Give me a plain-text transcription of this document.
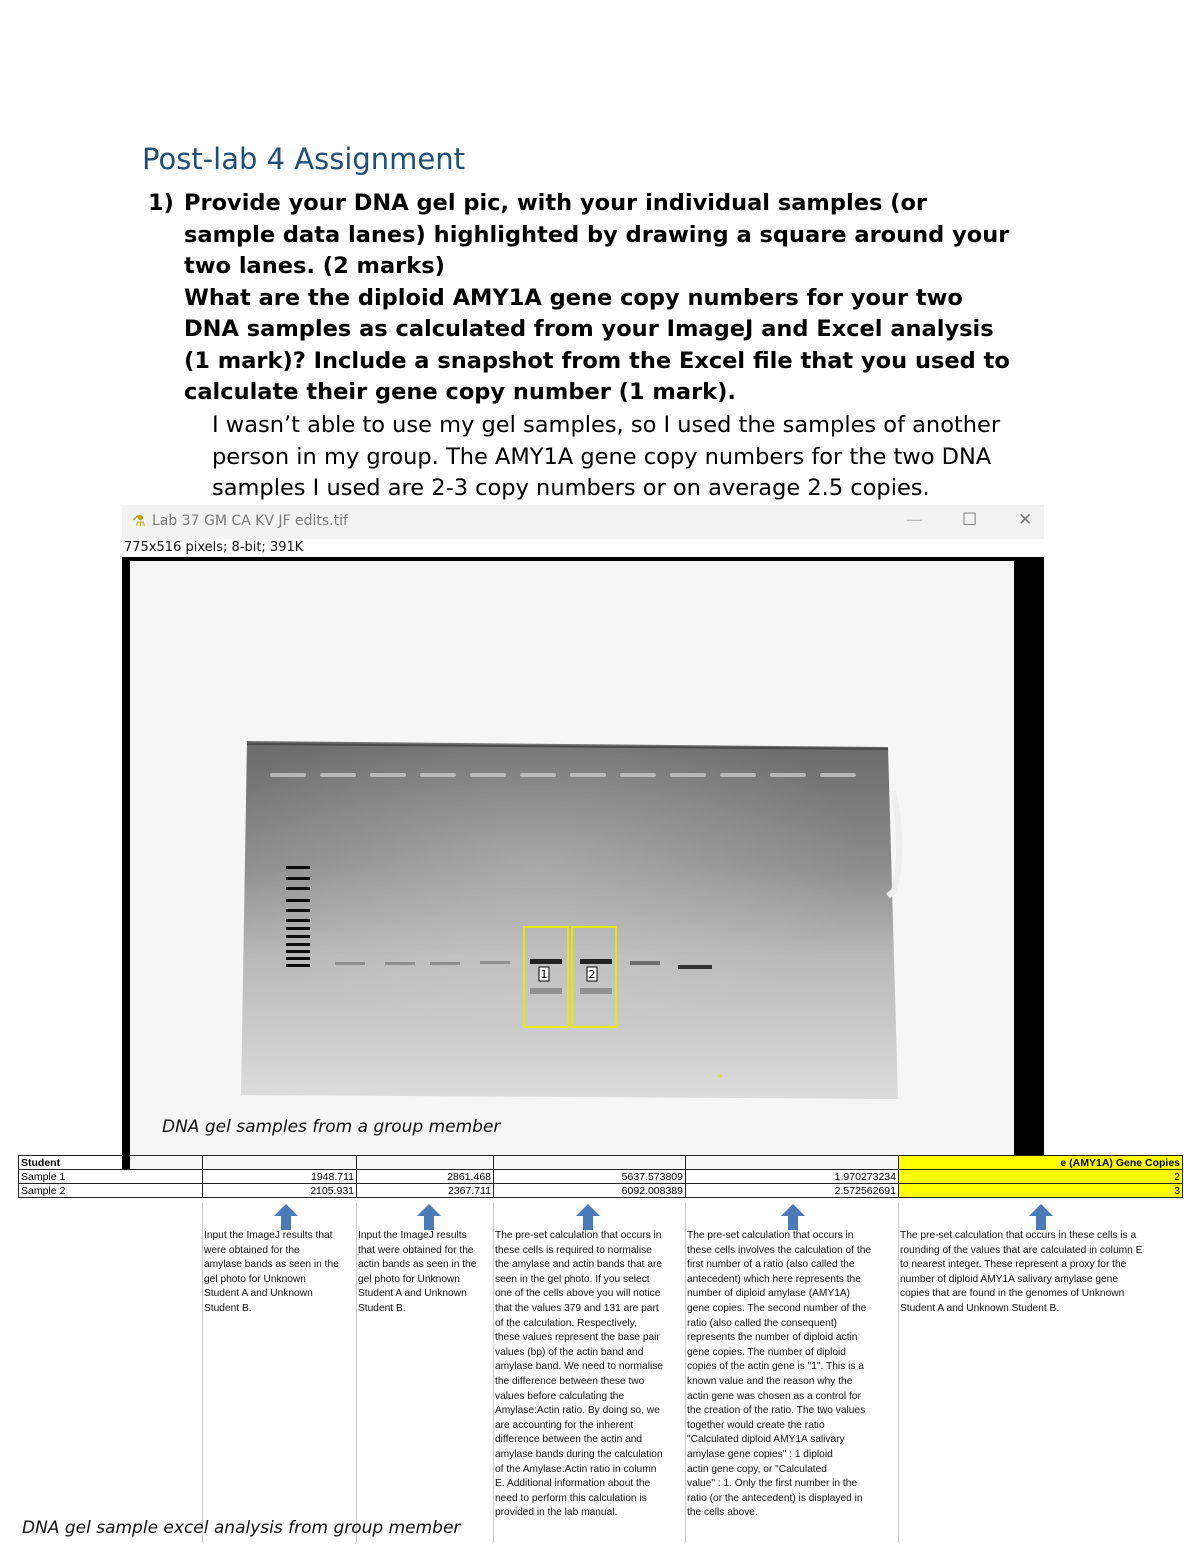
Post-lab 4 Assignment
1) Provide your DNA gel pic, with your individual samples (or
sample data lanes) highlighted by drawing a square around your
two lanes. (2 marks)
What are the diploid AMY1A gene copy numbers for your two
DNA samples as calculated from your ImageJ and Excel analysis
(1 mark)? Include a snapshot from the Excel file that you used to
calculate their gene copy number (1 mark).
I wasn’t able to use my gel samples, so I used the samples of another
person in my group. The AMY1A gene copy numbers for the two DNA
samples I used are 2-3 copy numbers or on average 2.5 copies.
⚗ Lab 37 GM CA KV JF edits.tif	— ☐ ✕
775x516 pixels; 8-bit; 391K
1	2
Student					e (AMY1A) Gene Copies
Sample 1	1948.711	2861.468	5637.573809	1.970273234	2
Sample 2	2105.931	2367.711	6092.008389	2.572562691	3
Input the ImageJ results that
were obtained for the
amylase bands as seen in the
gel photo for Unknown
Student A and Unknown
Student B.
Input the ImageJ results
that were obtained for the
actin bands as seen in the
gel photo for Unknown
Student A and Unknown
Student B.
The pre-set calculation that occurs in
these cells is required to normalise
the amylase and actin bands that are
seen in the gel photo. If you select
one of the cells above you will notice
that the values 379 and 131 are part
of the calculation. Respectively,
these values represent the base pair
values (bp) of the actin band and
amylase band. We need to normalise
the difference between these two
values before calculating the
Amylase:Actin ratio. By doing so, we
are accounting for the inherent
difference between the actin and
amylase bands during the calculation
of the Amylase:Actin ratio in column
E. Additional information about the
need to perform this calculation is
provided in the lab manual.
The pre-set calculation that occurs in
these cells involves the calculation of the
first number of a ratio (also called the
antecedent) which here represents the
number of diploid amylase (AMY1A)
gene copies. The second number of the
ratio (also called the consequent)
represents the number of diploid actin
gene copies. The number of diploid
copies of the actin gene is "1". This is a
known value and the reason why the
actin gene was chosen as a control for
the creation of the ratio. The two values
together would create the ratio
"Calculated diploid AMY1A salivary
amylase gene copies" : 1 diploid
actin gene copy, or "Calculated
value" : 1. Only the first number in the
ratio (or the antecedent) is displayed in
the cells above.
The pre-set calculation that occurs in these cells is a
rounding of the values that are calculated in column E
to nearest integer. These represent a proxy for the
number of diploid AMY1A salivary amylase gene
copies that are found in the genomes of Unknown
Student A and Unknown Student B.
DNA gel samples from a group member
DNA gel sample excel analysis from group member
